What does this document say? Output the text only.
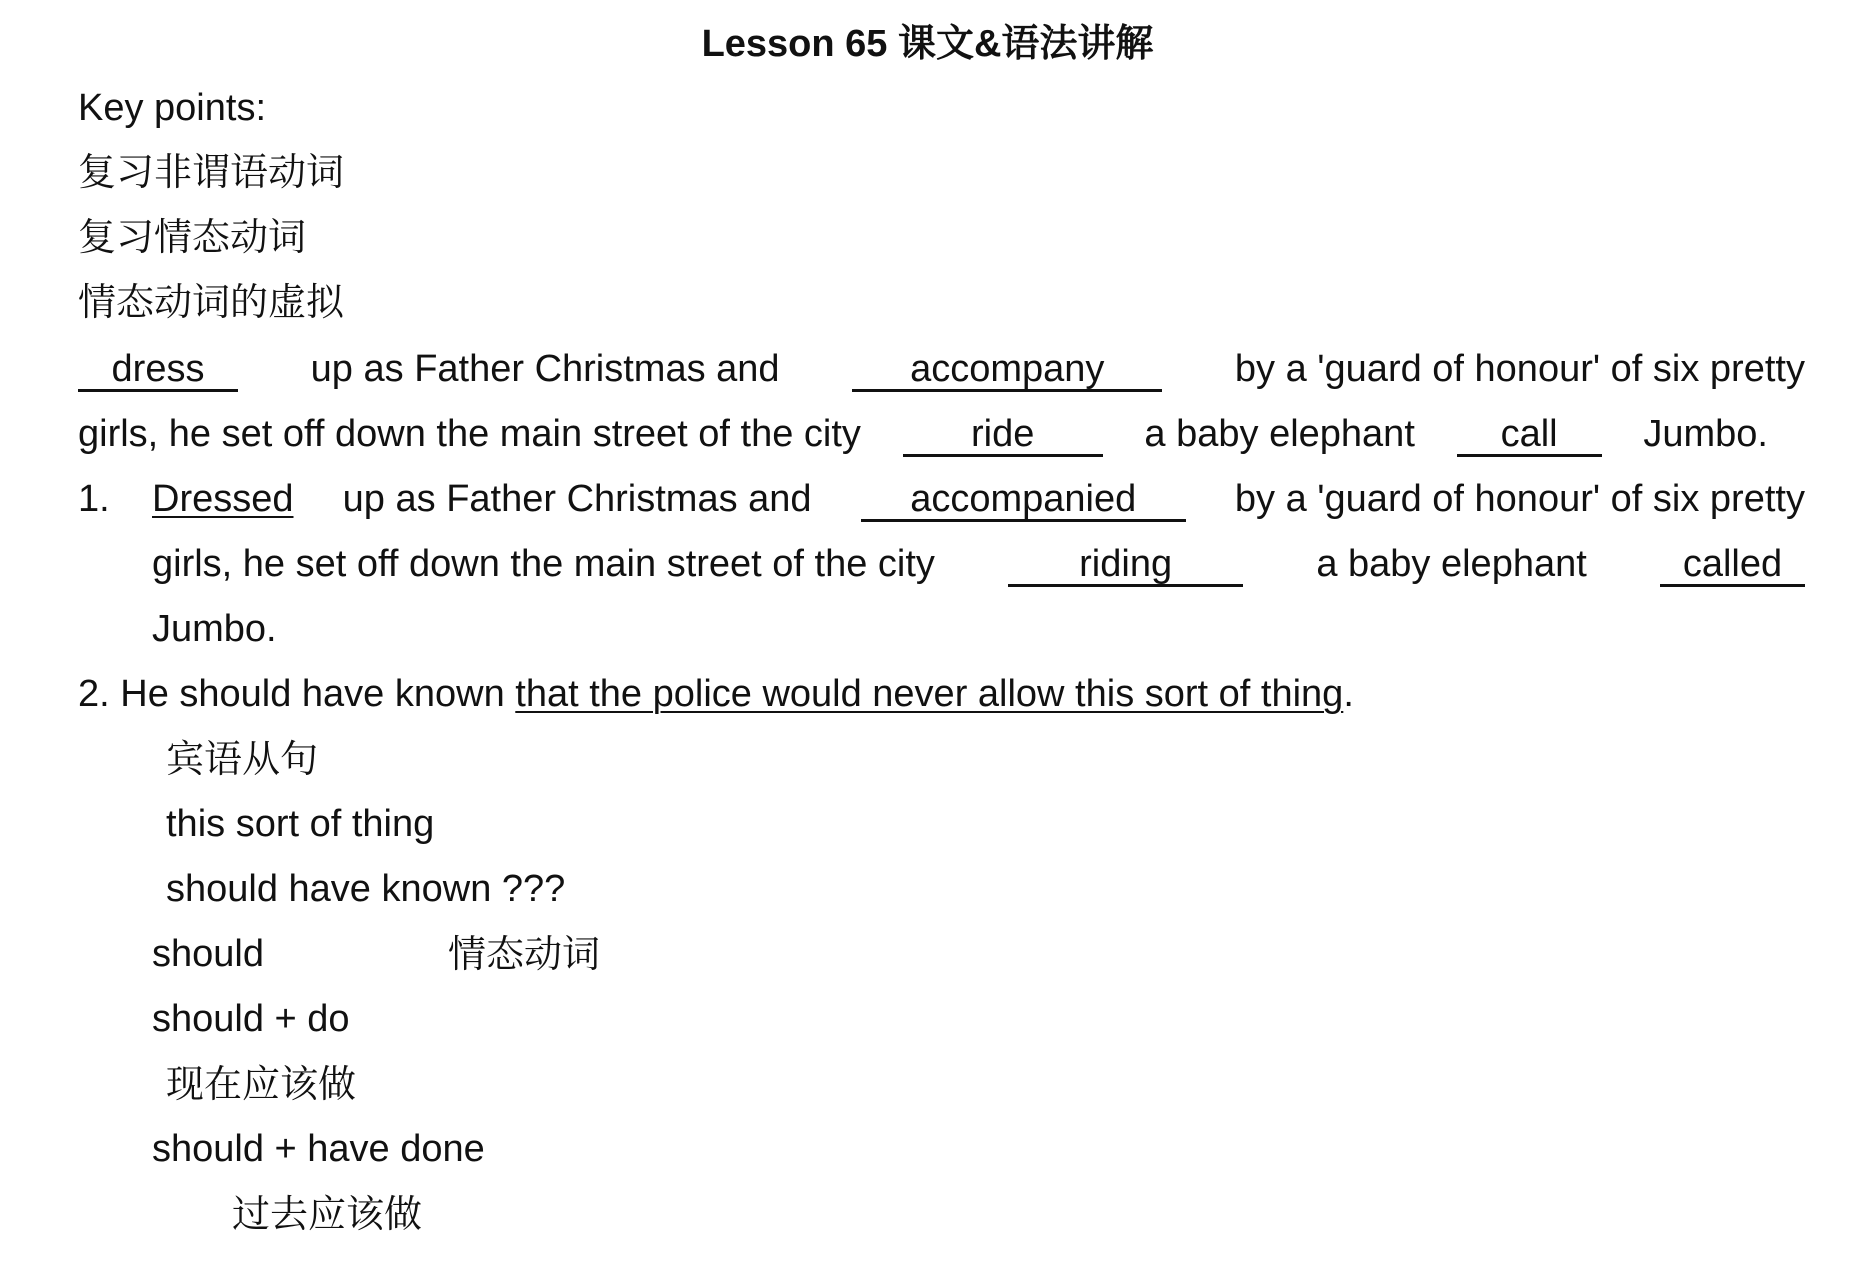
Lesson 65 课文&语法讲解
Key points:
复习非谓语动词
复习情态动词
情态动词的虚拟
dress	up as Father Christmas and	accompany	by a 'guard of honour' of six pretty
girls, he set off down the main street of the city	ride	a baby elephant	call	Jumbo.
1. Dressed up as Father Christmas and	accompanied	by a 'guard of honour' of six pretty
girls, he set off down the main street of the city	riding	a baby elephant	called
Jumbo.
2. He should have known that the police would never allow this sort of thing.
宾语从句
this sort of thing
should have known ???
should	情态动词
should + do
现在应该做
should + have done
过去应该做
